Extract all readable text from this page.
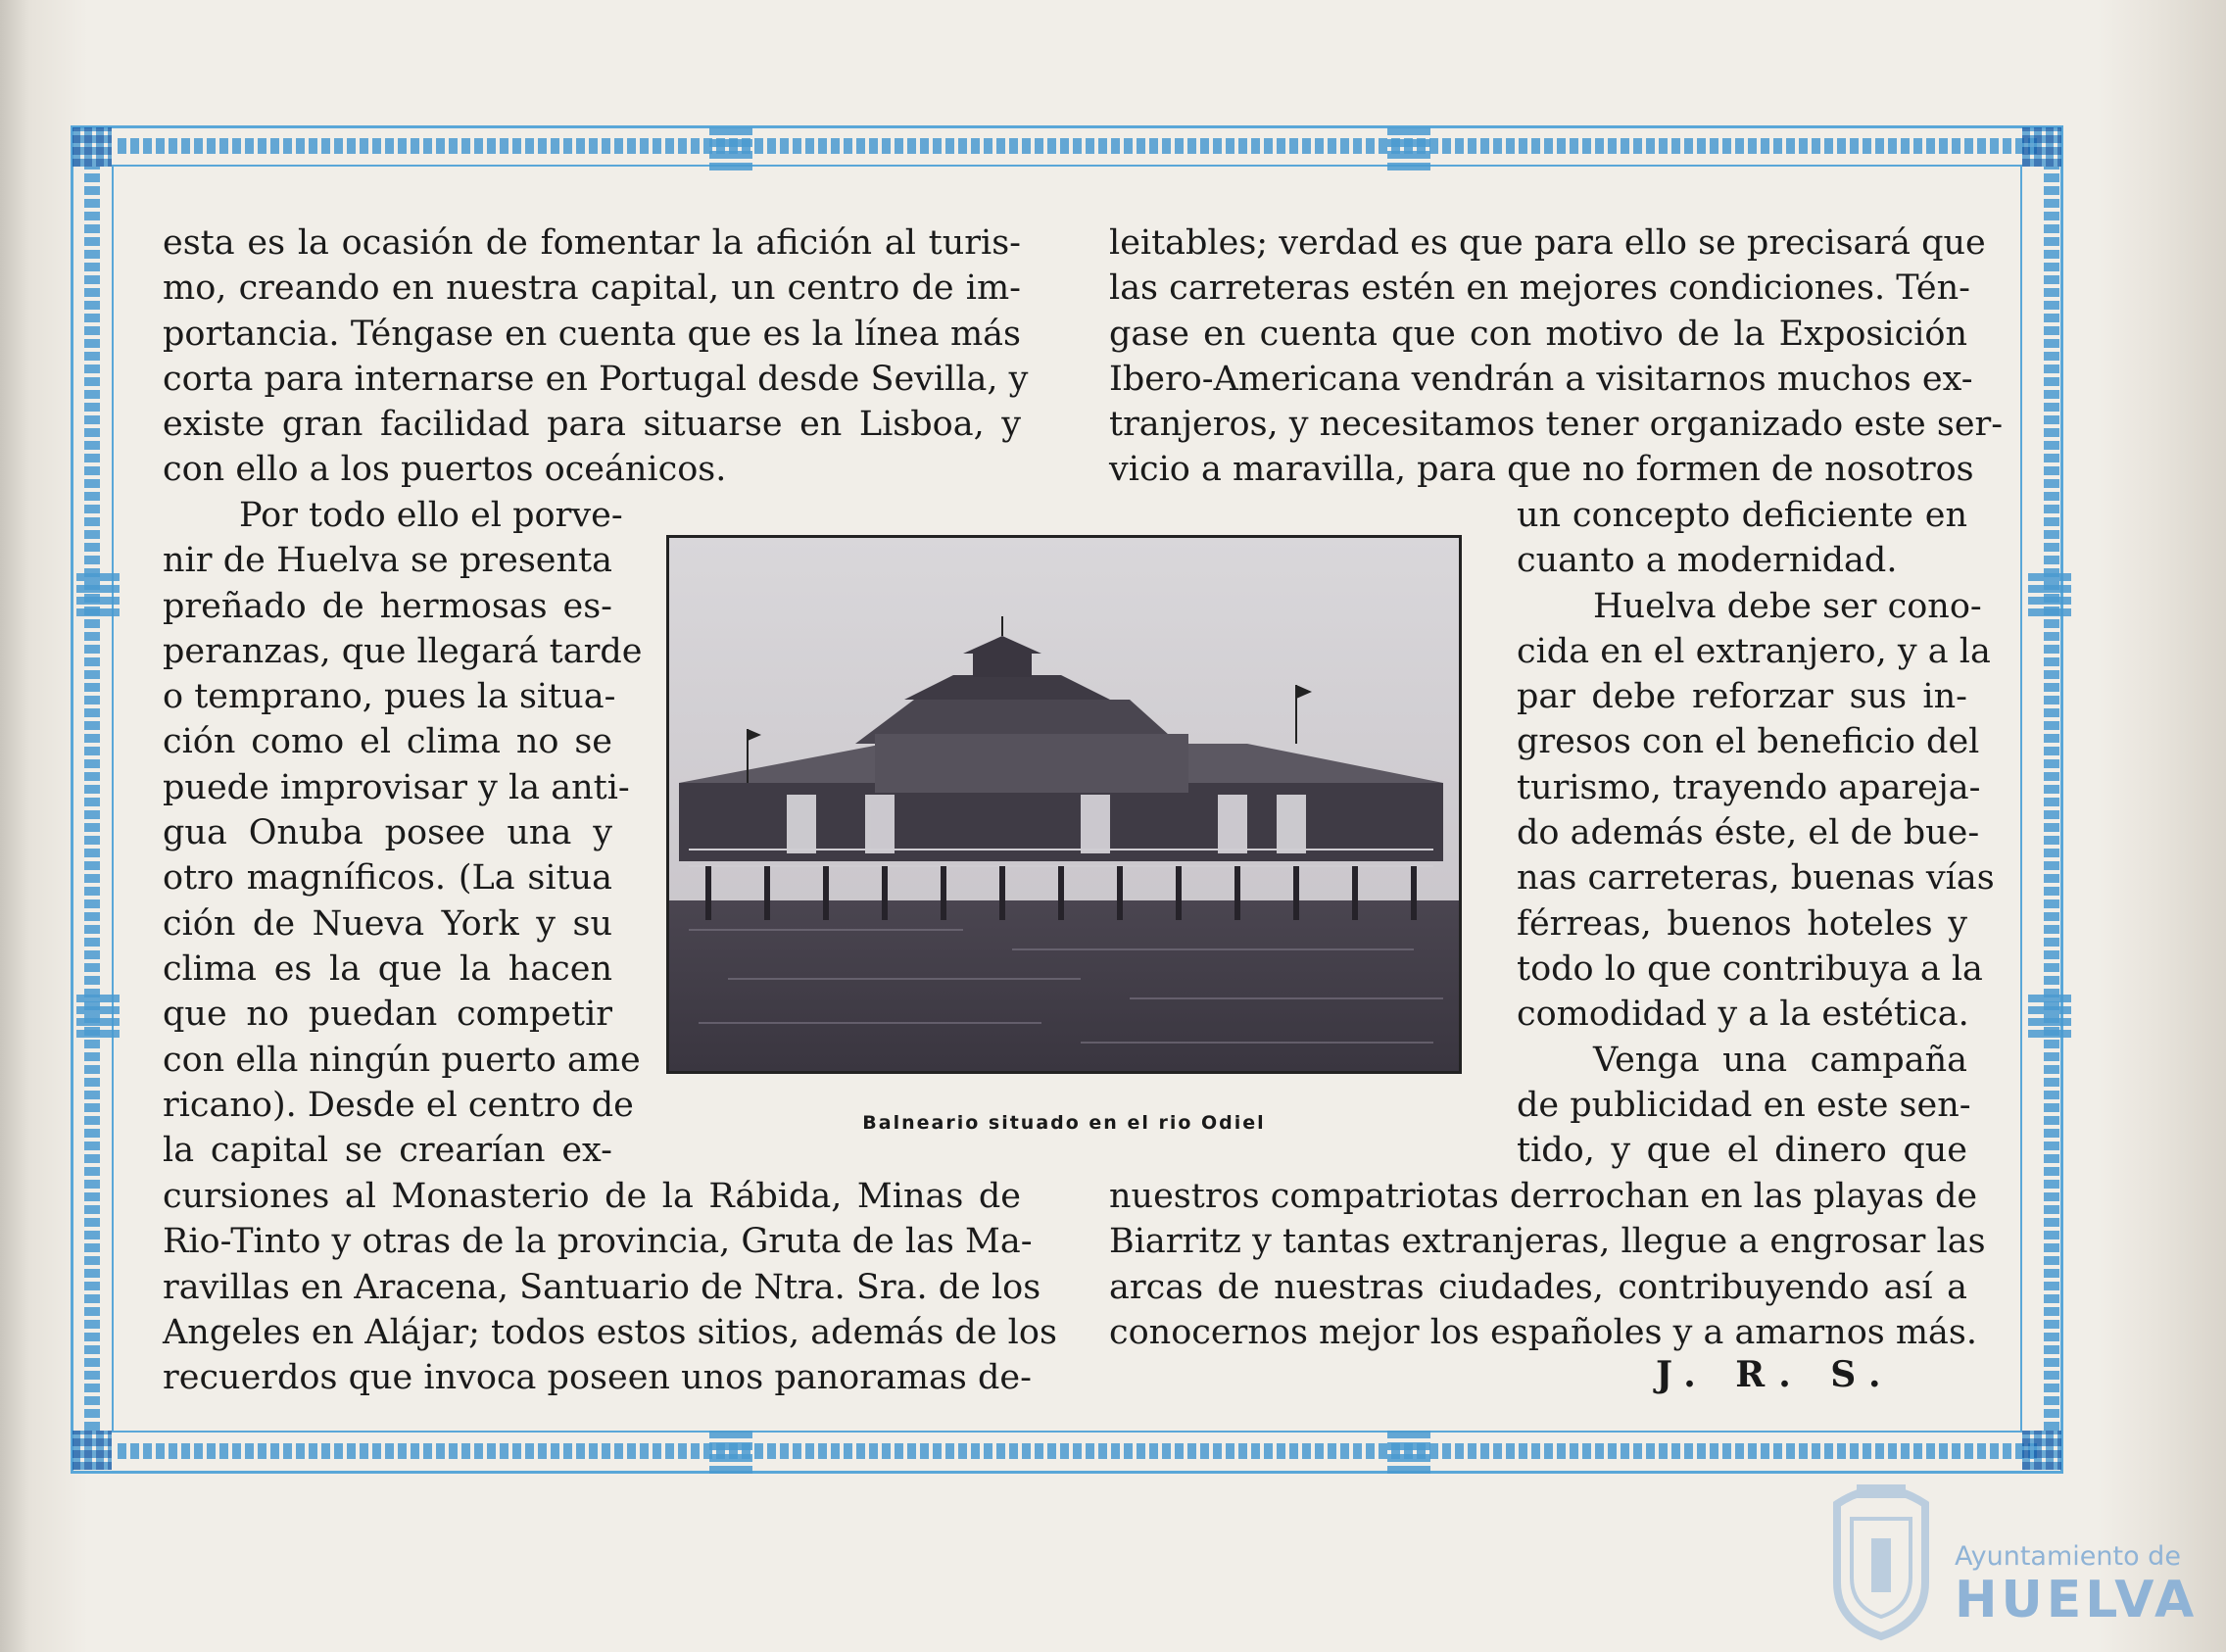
esta es la ocasión de fomentar la afición al turis-
mo, creando en nuestra capital, un centro de im-
portancia. Téngase en cuenta que es la línea más
corta para internarse en Portugal desde Sevilla, y
existe gran facilidad para situarse en Lisboa, y
con ello a los puertos oceánicos.
Por todo ello el porve-
nir de Huelva se presenta
preñado de hermosas es-
peranzas, que llegará tarde
o temprano, pues la situa-
ción como el clima no se
puede improvisar y la anti-
gua Onuba posee una y
otro magníficos. (La situa
ción de Nueva York y su
clima es la que la hacen
que no puedan competir
con ella ningún puerto ame
ricano). Desde el centro de
la capital se crearían ex-
cursiones al Monasterio de la Rábida, Minas de
Rio-Tinto y otras de la provincia, Gruta de las Ma-
ravillas en Aracena, Santuario de Ntra. Sra. de los
Angeles en Alájar; todos estos sitios, además de los
recuerdos que invoca poseen unos panoramas de-
leitables; verdad es que para ello se precisará que
las carreteras estén en mejores condiciones. Tén-
gase en cuenta que con motivo de la Exposición
Ibero-Americana vendrán a visitarnos muchos ex-
tranjeros, y necesitamos tener organizado este ser-
vicio a maravilla, para que no formen de nosotros
un concepto deficiente en
cuanto a modernidad.
Huelva debe ser cono-
cida en el extranjero, y a la
par debe reforzar sus in-
gresos con el beneficio del
turismo, trayendo apareja-
do además éste, el de bue-
nas carreteras, buenas vías
férreas, buenos hoteles y
todo lo que contribuya a la
comodidad y a la estética.
Venga una campaña
de publicidad en este sen-
tido, y que el dinero que
nuestros compatriotas derrochan en las playas de
Biarritz y tantas extranjeras, llegue a engrosar las
arcas de nuestras ciudades, contribuyendo así a
conocernos mejor los españoles y a amarnos más.
J. R. S.
Balneario situado en el rio Odiel
Ayuntamiento de
HUELVA
